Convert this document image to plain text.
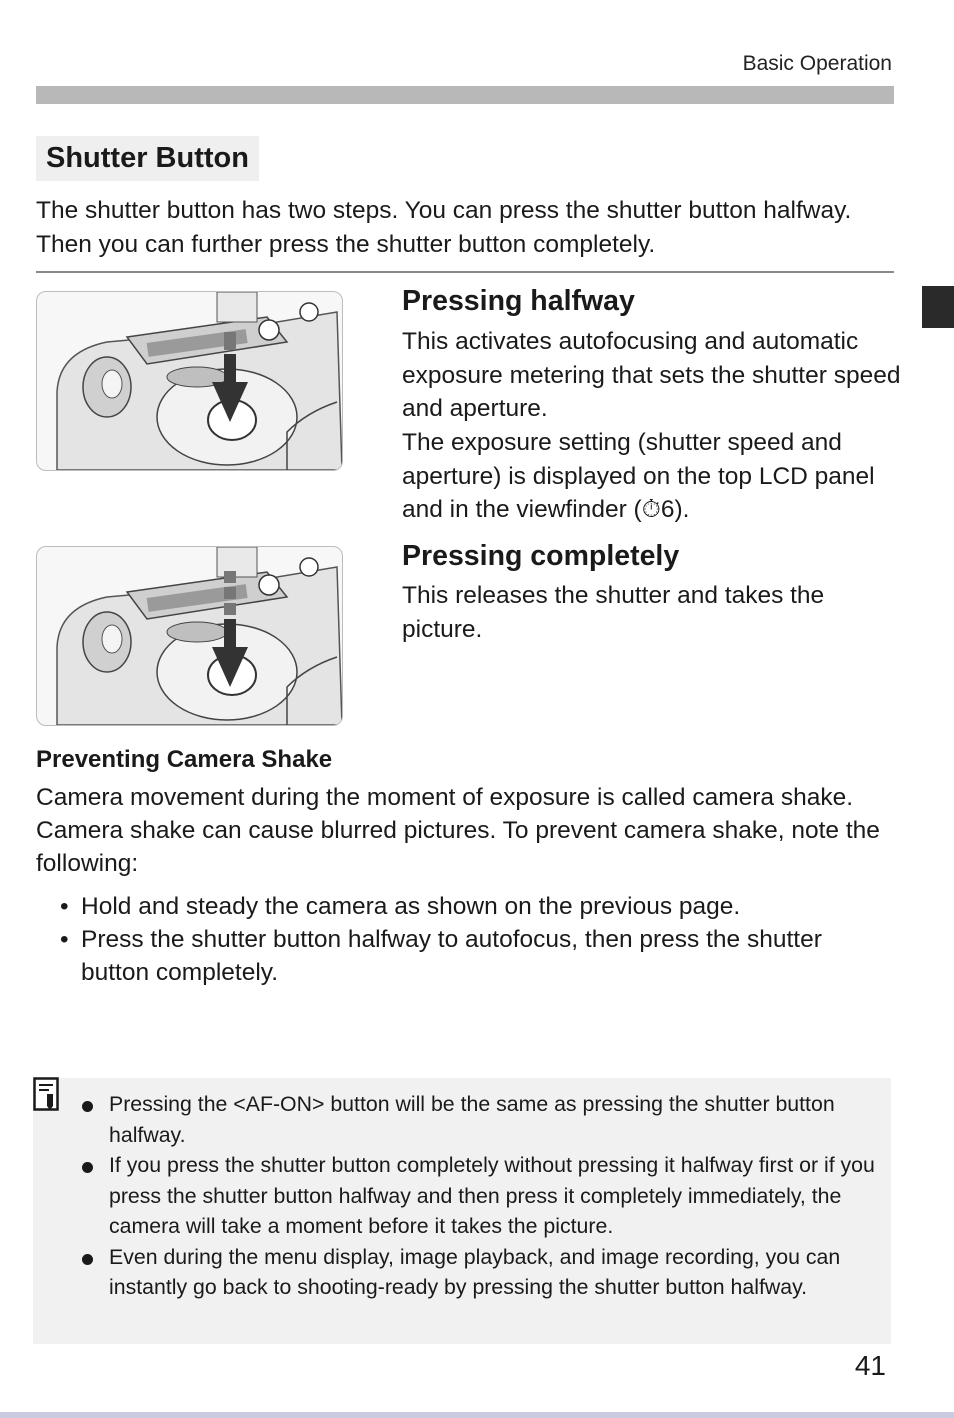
Basic Operation
Shutter Button
The shutter button has two steps. You can press the shutter button halfway. Then you can further press the shutter button completely.
Pressing halfway
This activates autofocusing and automatic exposure metering that sets the shutter speed and aperture.
The exposure setting (shutter speed and aperture) is displayed on the top LCD panel and in the viewfinder (⏱6).
Pressing completely
This releases the shutter and takes the picture.
Preventing Camera Shake
Camera movement during the moment of exposure is called camera shake. Camera shake can cause blurred pictures. To prevent camera shake, note the following:
• Hold and steady the camera as shown on the previous page.
• Press the shutter button halfway to autofocus, then press the shutter button completely.
Pressing the <AF-ON> button will be the same as pressing the shutter button halfway.
If you press the shutter button completely without pressing it halfway first or if you press the shutter button halfway and then press it completely immediately, the camera will take a moment before it takes the picture.
Even during the menu display, image playback, and image recording, you can instantly go back to shooting-ready by pressing the shutter button halfway.
41
